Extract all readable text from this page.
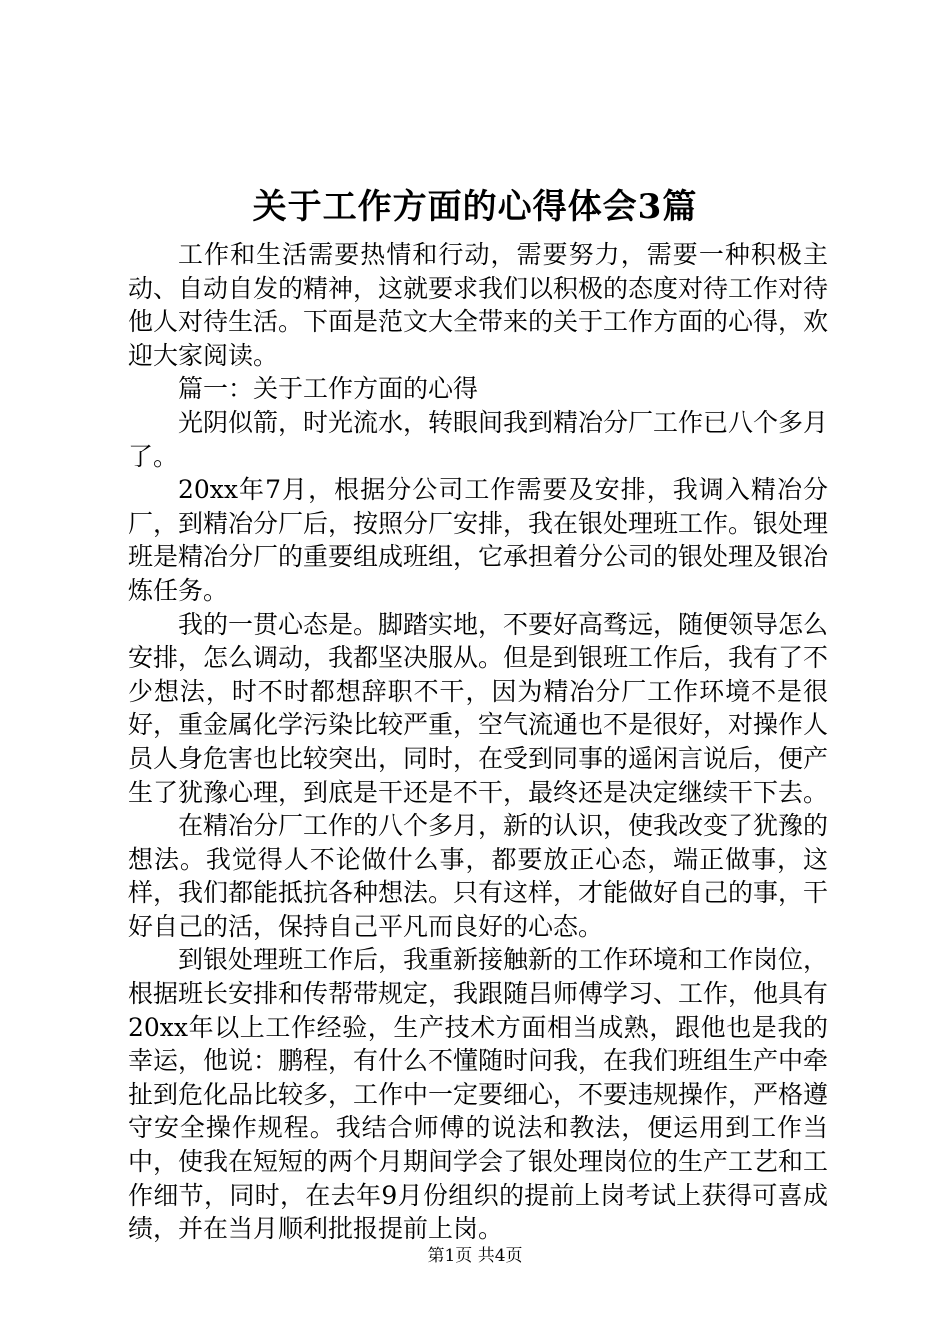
关于工作方面的心得体会3篇

工作和生活需要热情和行动，需要努力，需要一种积极主动、自动自发的精神，这就要求我们以积极的态度对待工作对待他人对待生活。下面是范文大全带来的关于工作方面的心得，欢迎大家阅读。

篇一：关于工作方面的心得

光阴似箭，时光流水，转眼间我到精冶分厂工作已八个多月了。

20xx年7月，根据分公司工作需要及安排，我调入精冶分厂，到精冶分厂后，按照分厂安排，我在银处理班工作。银处理班是精冶分厂的重要组成班组，它承担着分公司的银处理及银冶炼任务。

我的一贯心态是。脚踏实地，不要好高骛远，随便领导怎么安排，怎么调动，我都坚决服从。但是到银班工作后，我有了不少想法，时不时都想辞职不干，因为精冶分厂工作环境不是很好，重金属化学污染比较严重，空气流通也不是很好，对操作人员人身危害也比较突出，同时，在受到同事的遥闲言说后，便产生了犹豫心理，到底是干还是不干，最终还是决定继续干下去。

在精冶分厂工作的八个多月，新的认识，使我改变了犹豫的想法。我觉得人不论做什么事，都要放正心态，端正做事，这样，我们都能抵抗各种想法。只有这样，才能做好自己的事，干好自己的活，保持自己平凡而良好的心态。

到银处理班工作后，我重新接触新的工作环境和工作岗位，根据班长安排和传帮带规定，我跟随吕师傅学习、工作，他具有20xx年以上工作经验，生产技术方面相当成熟，跟他也是我的幸运，他说：鹏程，有什么不懂随时问我，在我们班组生产中牵扯到危化品比较多，工作中一定要细心，不要违规操作，严格遵守安全操作规程。我结合师傅的说法和教法，便运用到工作当中，使我在短短的两个月期间学会了银处理岗位的生产工艺和工作细节，同时，在去年9月份组织的提前上岗考试上获得可喜成绩，并在当月顺利批报提前上岗。

第1页 共4页
